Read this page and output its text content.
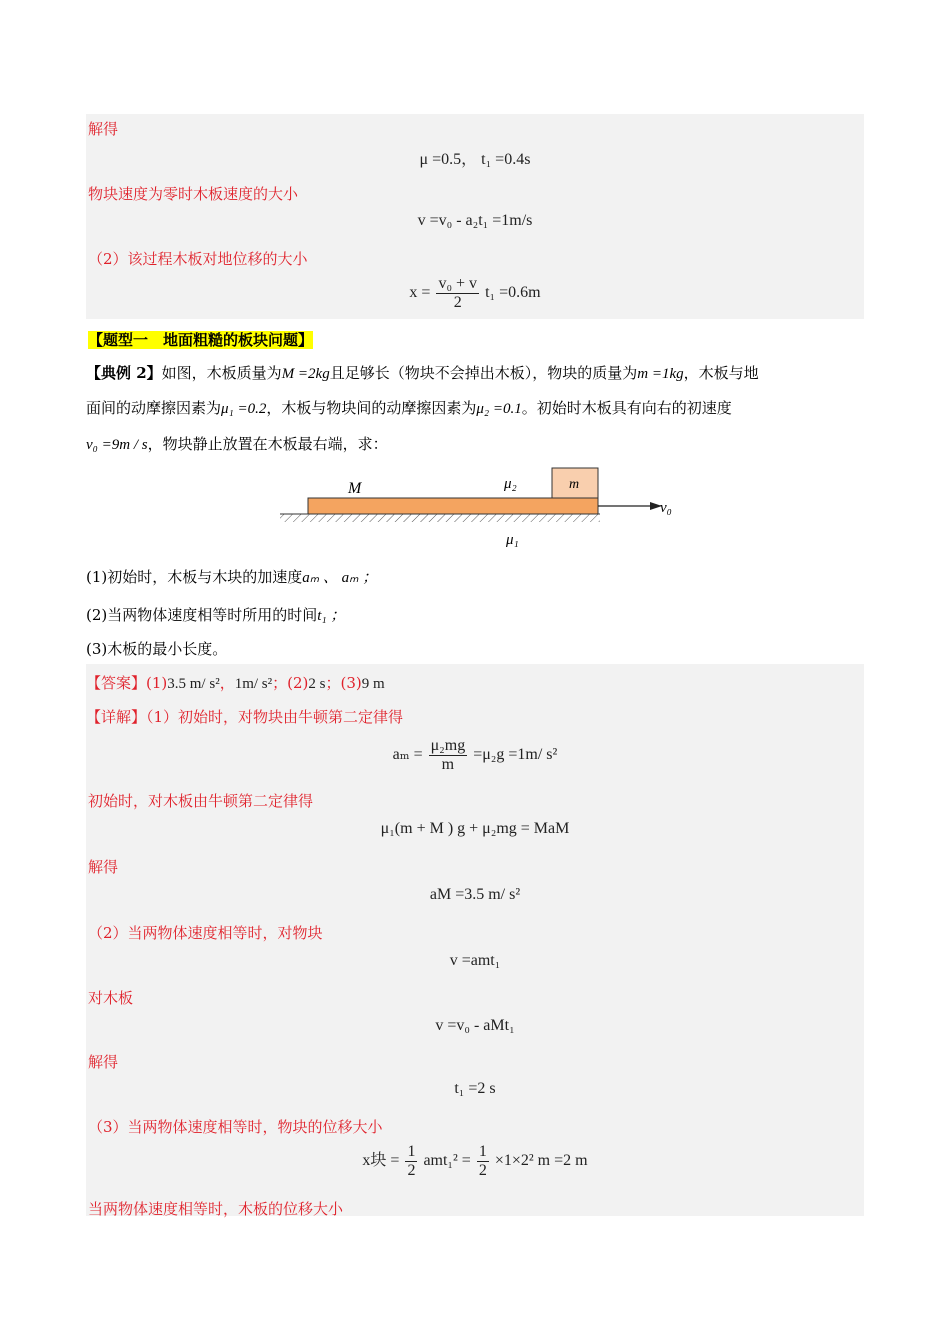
解得
μ =0.5， t₁ =0.4s
物块速度为零时木板速度的大小
v =v₀ - a₂t₁ =1m/s
（2）该过程木板对地位移的大小
$x = \frac{\text{v₀ + v}}{2} t_1 =0.6m$
【题型一　地面粗糙的板块问题】
【典例 2】如图，木板质量为M =2kg且足够长（物块不会掉出木板），物块的质量为m =1kg，木板与地
面间的动摩擦因素为μ₁ =0.2，木板与物块间的动摩擦因素为μ₂ =0.1。初始时木板具有向右的初速度
v₀ =9m / s，物块静止放置在木板最右端，求：
M	m
μ₂
μ₁
v₀
(1)初始时，木板与木块的加速度aₘ 、 aₘ ；
(2)当两物体速度相等时所用的时间t₁ ；
(3)木板的最小长度。
【答案】(1)3.5 m/ s²，1m/ s²；(2)2 s；(3)9 m
【详解】（1）初始时，对物块由牛顿第二定律得
$a_m = \frac{\text{μ₂mg}}{m} =\mu_2g =1m/$ s²
初始时，对木板由牛顿第二定律得
μ₁(m + M ) g + μ₂mg = MaM
解得
aM =3.5 m/ s²
（2）当两物体速度相等时，对物块
v =amt₁
对木板
v =v₀ - aMt₁
解得
t₁ =2 s
（3）当两物体速度相等时，物块的位移大小
x块 = $\frac{1}{2} amt_1^2 = \frac{1}{2} \times 1\times 2^2$ m =2 m
当两物体速度相等时，木板的位移大小
